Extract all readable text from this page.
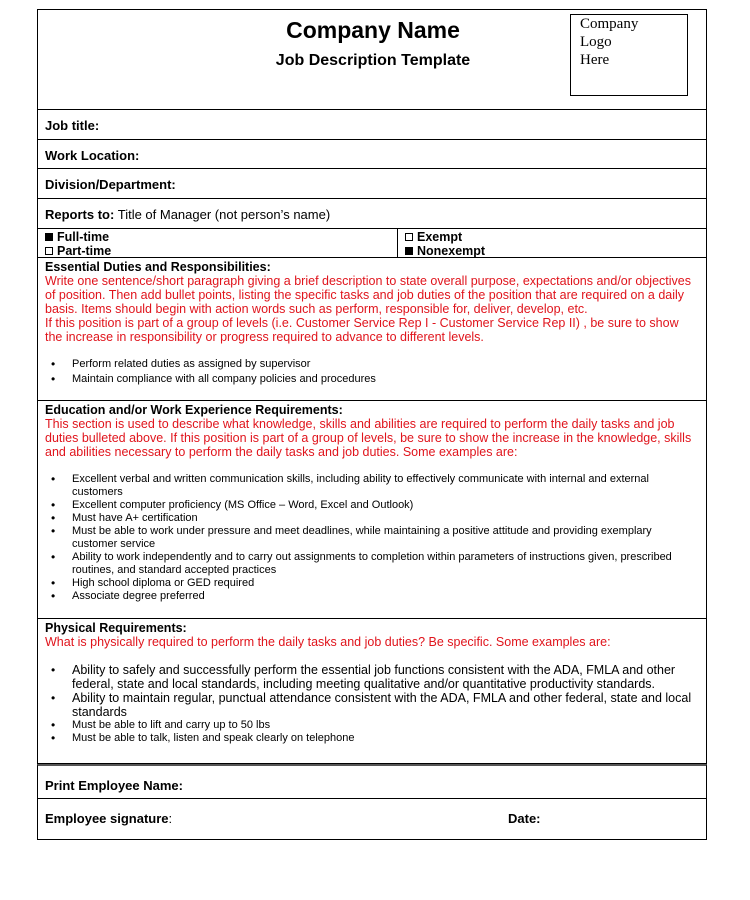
Company Name
Job Description Template
Company
Logo
Here
Job title:
Work Location:
Division/Department:
Reports to: Title of Manager (not person’s name)
Full-time
Part-time
Exempt
Nonexempt
Essential Duties and Responsibilities:
Write one sentence/short paragraph giving a brief description to state overall purpose, expectations and/or objectives of position. Then add bullet points, listing the specific tasks and job duties of the position that are required on a daily basis. Items should begin with action words such as perform, responsible for, deliver, develop, etc.
If this position is part of a group of levels (i.e. Customer Service Rep I - Customer Service Rep II) , be sure to show the increase in responsibility or progress required to advance to different levels.
• Perform related duties as assigned by supervisor
• Maintain compliance with all company policies and procedures
Education and/or Work Experience Requirements:
This section is used to describe what knowledge, skills and abilities are required to perform the daily tasks and job duties bulleted above. If this position is part of a group of levels, be sure to show the increase in the knowledge, skills and abilities necessary to perform the daily tasks and job duties. Some examples are:
• Excellent verbal and written communication skills, including ability to effectively communicate with internal and external customers
• Excellent computer proficiency (MS Office – Word, Excel and Outlook)
• Must have A+ certification
• Must be able to work under pressure and meet deadlines, while maintaining a positive attitude and providing exemplary customer service
• Ability to work independently and to carry out assignments to completion within parameters of instructions given, prescribed routines, and standard accepted practices
• High school diploma or GED required
• Associate degree preferred
Physical Requirements:
What is physically required to perform the daily tasks and job duties? Be specific. Some examples are:
• Ability to safely and successfully perform the essential job functions consistent with the ADA, FMLA and other federal, state and local standards, including meeting qualitative and/or quantitative productivity standards.
• Ability to maintain regular, punctual attendance consistent with the ADA, FMLA and other federal, state and local standards
• Must be able to lift and carry up to 50 lbs
• Must be able to talk, listen and speak clearly on telephone
Print Employee Name:
Employee signature:	Date:
